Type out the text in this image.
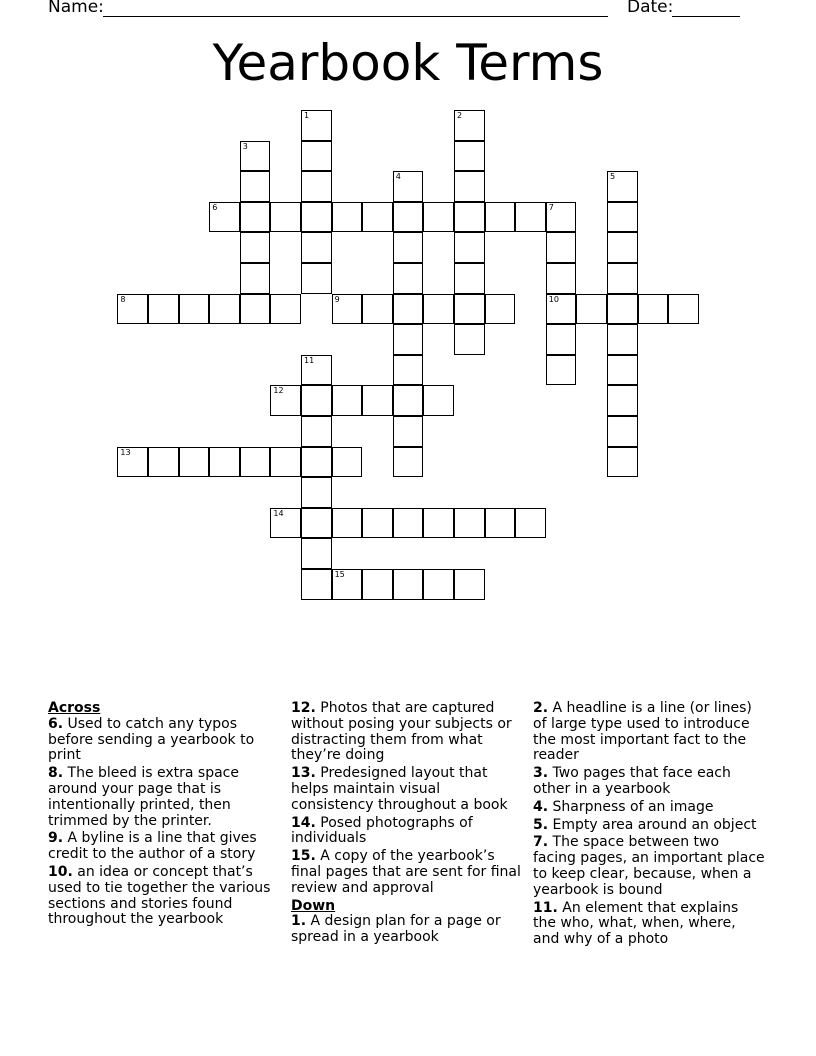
Name:	Date:
Yearbook Terms
1	2
3
4	5
6	7
10
8	9
11
12
13
14
15
Across
6. Used to catch any typos before sending a yearbook to print
8. The bleed is extra space around your page that is intentionally printed, then trimmed by the printer.
9. A byline is a line that gives credit to the author of a story
10. an idea or concept that’s used to tie together the various sections and stories found throughout the yearbook
12. Photos that are captured without posing your subjects or distracting them from what they’re doing
13. Predesigned layout that helps maintain visual consistency throughout a book
14. Posed photographs of individuals
15. A copy of the yearbook’s final pages that are sent for final review and approval
Down
1. A design plan for a page or spread in a yearbook
2. A headline is a line (or lines) of large type used to introduce the most important fact to the reader
3. Two pages that face each other in a yearbook
4. Sharpness of an image
5. Empty area around an object
7. The space between two facing pages, an important place to keep clear, because, when a yearbook is bound
11. An element that explains the who, what, when, where, and why of a photo
